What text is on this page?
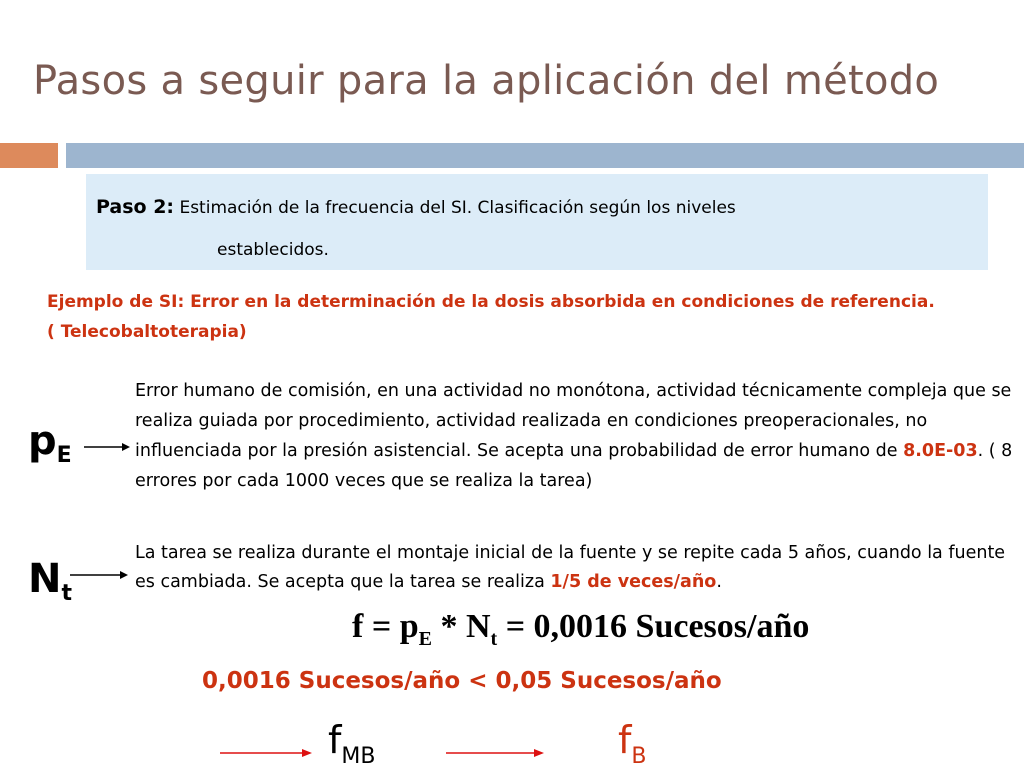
Pasos a seguir para la aplicación del método
Paso 2: Estimación de la frecuencia del SI. Clasificación según los niveles
establecidos.
Ejemplo de SI: Error en la determinación de la dosis absorbida en condiciones de referencia. ( Telecobaltoterapia)
$p_E$
Error humano de comisión, en una actividad no monótona, actividad técnicamente compleja que se realiza guiada por procedimiento, actividad realizada en condiciones preoperacionales, no influenciada por la presión asistencial. Se acepta una probabilidad de error humano de 8.0E-03. ( 8 errores por cada 1000 veces que se realiza la tarea)
$N_t$
La tarea se realiza durante el montaje inicial de la fuente y se repite cada 5 años, cuando la fuente es cambiada. Se acepta que la tarea se realiza 1/5 de veces/año.
$f = p_E * N_t = 0,0016$ Sucesos/año
0,0016 Sucesos/año < 0,05 Sucesos/año
$f_{MB}$	$f_B$
